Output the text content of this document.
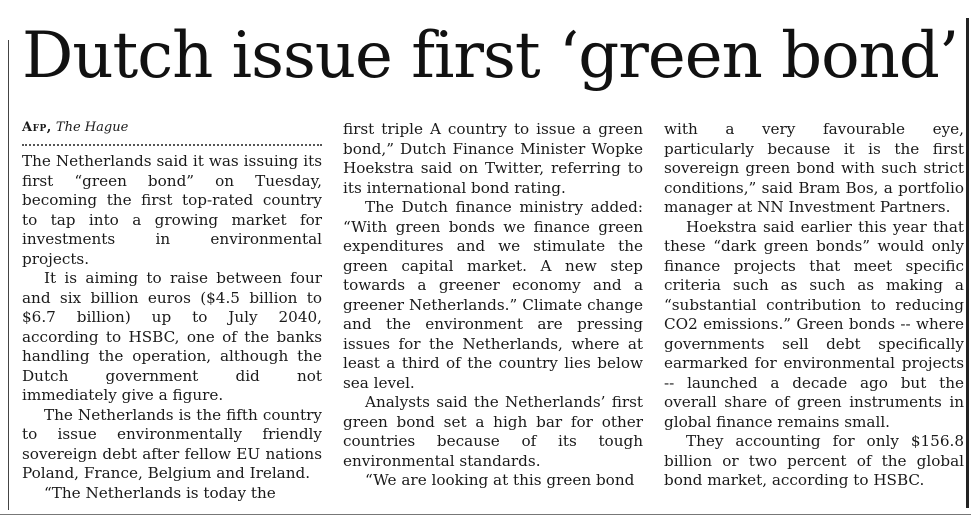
Dutch issue first ‘green bond’
Afp, The Hague

The Netherlands said it was issuing its first “green bond” on Tuesday, becoming the first top-rated country to tap into a growing market for investments in environmental projects.

It is aiming to raise between four and six billion euros ($4.5 billion to $6.7 billion) up to July 2040, according to HSBC, one of the banks handling the operation, although the Dutch government did not immediately give a figure.

The Netherlands is the fifth country to issue environmentally friendly sovereign debt after fellow EU nations Poland, France, Belgium and Ireland.

“The Netherlands is today the

first triple A country to issue a green bond,” Dutch Finance Minister Wopke Hoekstra said on Twitter, referring to its international bond rating.

The Dutch finance ministry added: “With green bonds we finance green expenditures and we stimulate the green capital market. A new step towards a greener economy and a greener Netherlands.” Climate change and the environment are pressing issues for the Netherlands, where at least a third of the country lies below sea level.

Analysts said the Netherlands’ first green bond set a high bar for other countries because of its tough environmental standards.

“We are looking at this green bond

with a very favourable eye, particularly because it is the first sovereign green bond with such strict conditions,” said Bram Bos, a portfolio manager at NN Investment Partners.

Hoekstra said earlier this year that these “dark green bonds” would only finance projects that meet specific criteria such as such as making a “substantial contribution to reducing CO2 emissions.” Green bonds -- where governments sell debt specifically earmarked for environmental projects -- launched a decade ago but the overall share of green instruments in global finance remains small.

They accounting for only $156.8 billion or two percent of the global bond market, according to HSBC.
